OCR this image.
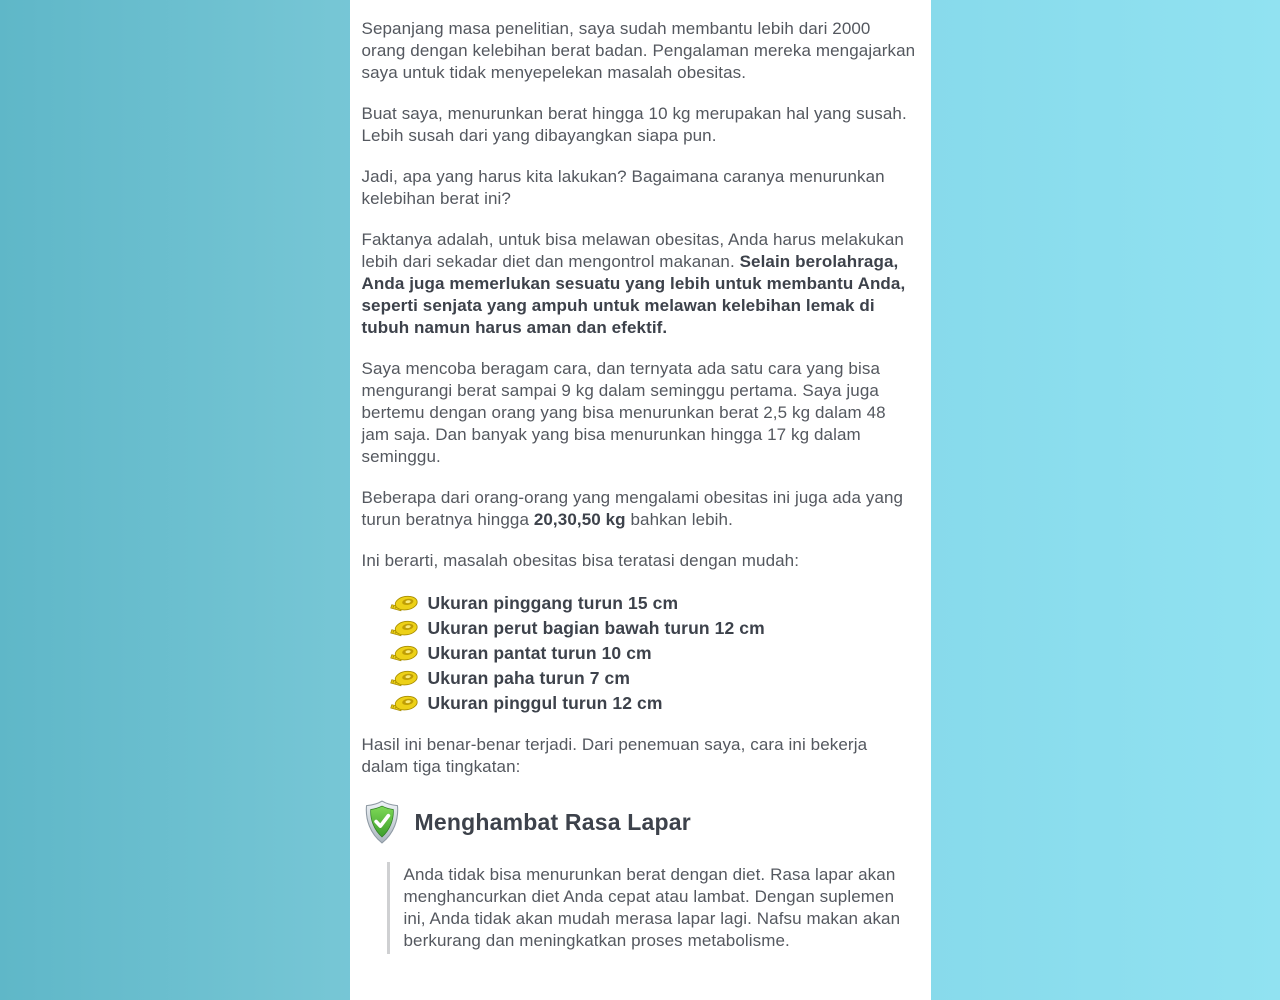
Sepanjang masa penelitian, saya sudah membantu lebih dari 2000 orang dengan kelebihan berat badan. Pengalaman mereka mengajarkan saya untuk tidak menyepelekan masalah obesitas.

Buat saya, menurunkan berat hingga 10 kg merupakan hal yang susah. Lebih susah dari yang dibayangkan siapa pun.

Jadi, apa yang harus kita lakukan? Bagaimana caranya menurunkan kelebihan berat ini?

Faktanya adalah, untuk bisa melawan obesitas, Anda harus melakukan lebih dari sekadar diet dan mengontrol makanan. Selain berolahraga, Anda juga memerlukan sesuatu yang lebih untuk membantu Anda, seperti senjata yang ampuh untuk melawan kelebihan lemak di tubuh namun harus aman dan efektif.

Saya mencoba beragam cara, dan ternyata ada satu cara yang bisa mengurangi berat sampai 9 kg dalam seminggu pertama. Saya juga bertemu dengan orang yang bisa menurunkan berat 2,5 kg dalam 48 jam saja. Dan banyak yang bisa menurunkan hingga 17 kg dalam seminggu.

Beberapa dari orang-orang yang mengalami obesitas ini juga ada yang turun beratnya hingga 20,30,50 kg bahkan lebih.

Ini berarti, masalah obesitas bisa teratasi dengan mudah:

Ukuran pinggang turun 15 cm
Ukuran perut bagian bawah turun 12 cm
Ukuran pantat turun 10 cm
Ukuran paha turun 7 cm
Ukuran pinggul turun 12 cm

Hasil ini benar-benar terjadi. Dari penemuan saya, cara ini bekerja dalam tiga tingkatan:

Menghambat Rasa Lapar
Anda tidak bisa menurunkan berat dengan diet. Rasa lapar akan menghancurkan diet Anda cepat atau lambat. Dengan suplemen ini, Anda tidak akan mudah merasa lapar lagi. Nafsu makan akan berkurang dan meningkatkan proses metabolisme.
